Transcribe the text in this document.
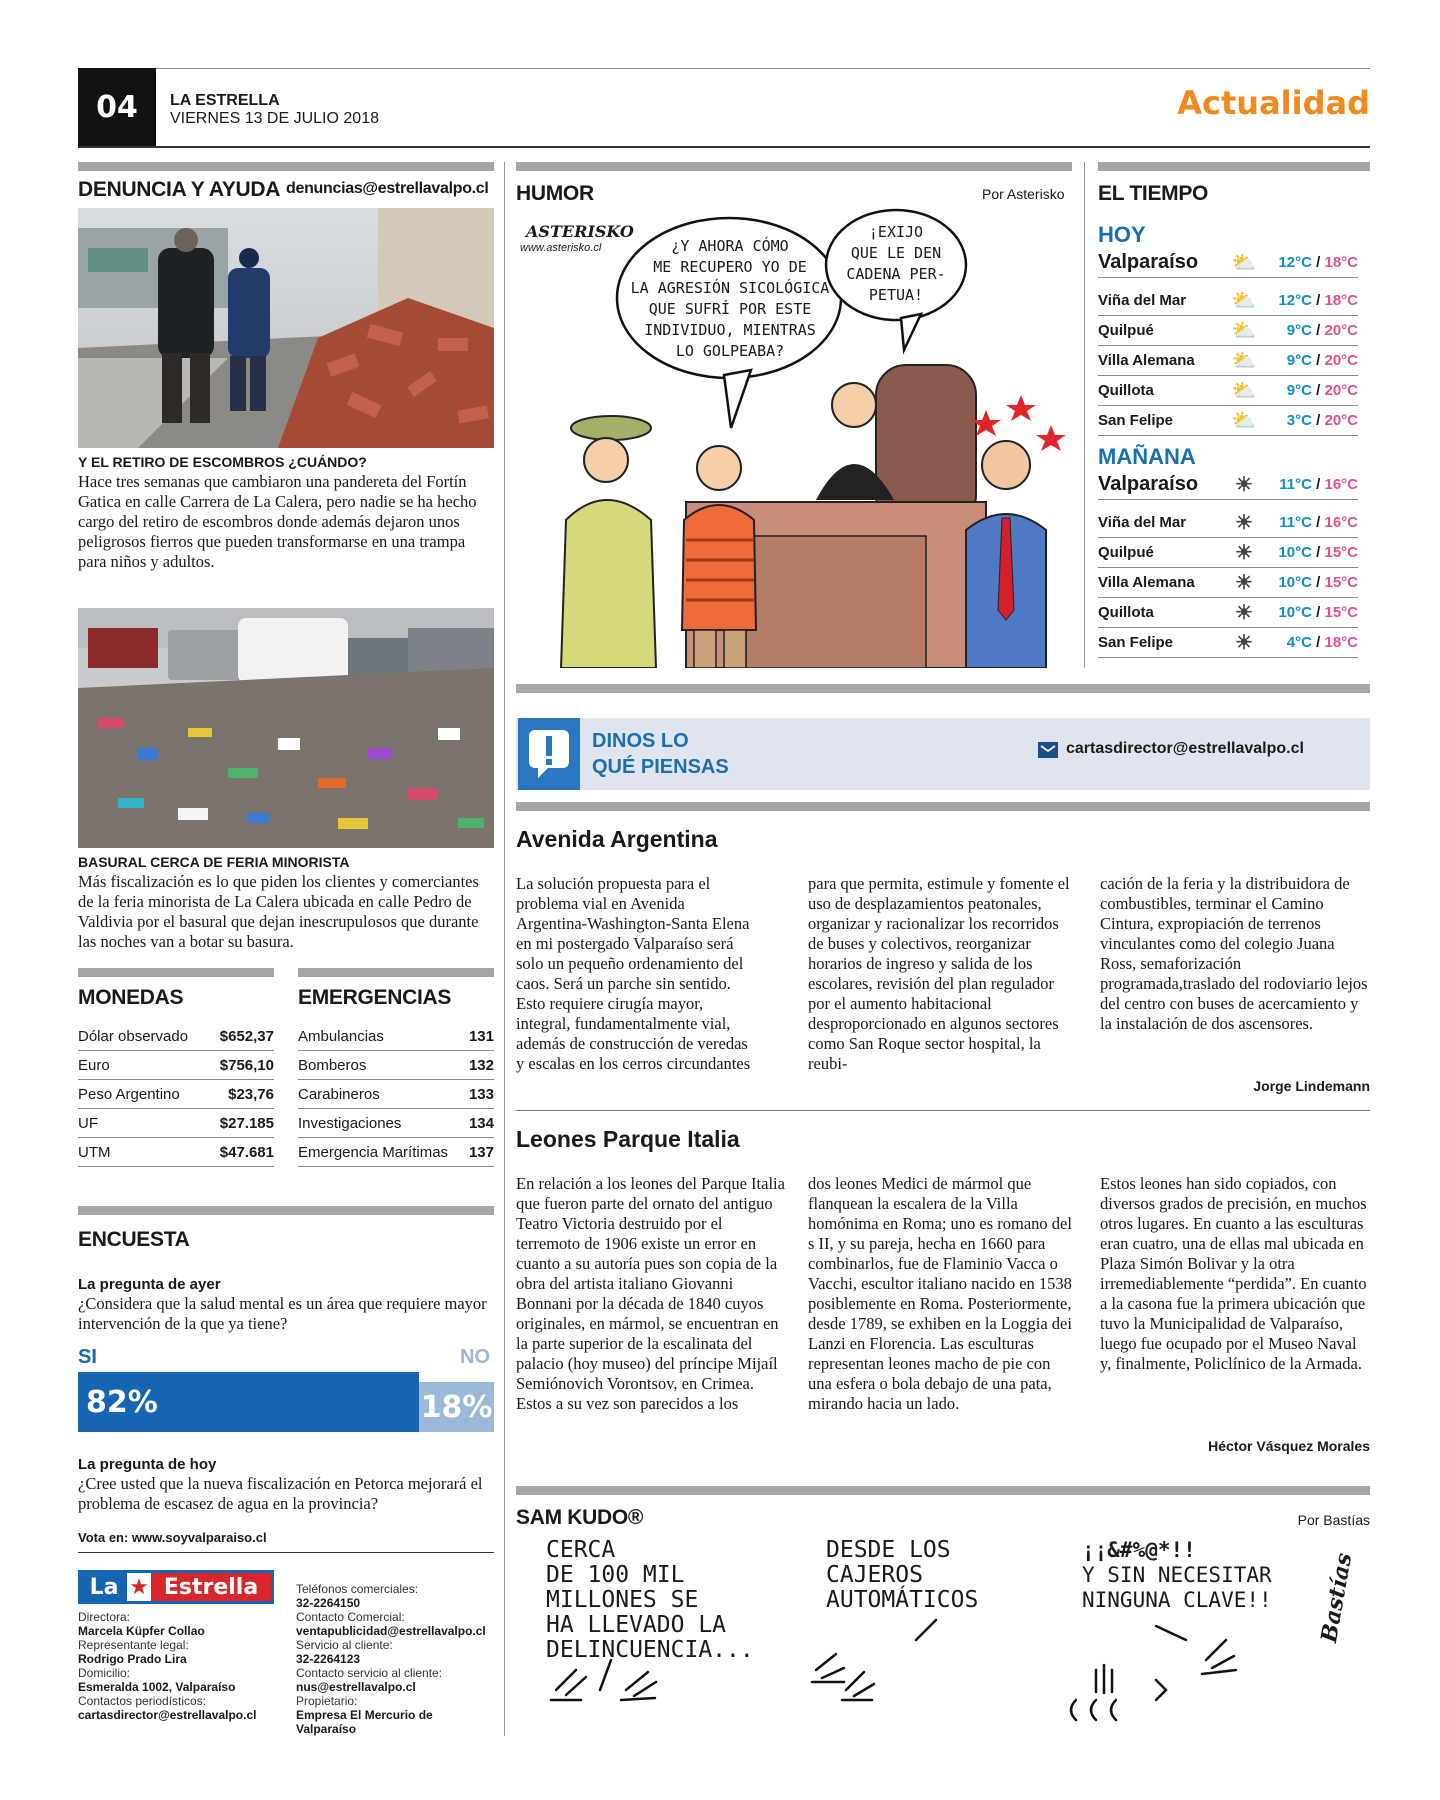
04	LA ESTRELLA
VIERNES 13 DE JULIO 2018	Actualidad
DENUNCIA Y AYUDA denuncias@estrellavalpo.cl
Y EL RETIRO DE ESCOMBROS ¿CUÁNDO?
Hace tres semanas que cambiaron una pandereta del Fortín Gatica en calle Carrera de La Calera, pero nadie se ha hecho cargo del retiro de escombros donde además dejaron unos peligrosos fierros que pueden transformarse en una trampa para niños y adultos.
BASURAL CERCA DE FERIA MINORISTA
Más fiscalización es lo que piden los clientes y comerciantes de la feria minorista de La Calera ubicada en calle Pedro de Valdivia por el basural que dejan inescrupulosos que durante las noches van a botar su basura.
MONEDAS	EMERGENCIAS
Dólar observado $652,37
Euro	$756,10
Peso Argentino	$23,76
UF	$27.185
UTM	$47.681
Ambulancias	131
Bomberos	132
Carabineros	133
Investigaciones	134
Emergencia Marítimas 137
ENCUESTA
La pregunta de ayer
¿Considera que la salud mental es un área que requiere mayor intervención de la que ya tiene?
SI	NO
82%	18%
La pregunta de hoy
¿Cree usted que la nueva fiscalización en Petorca mejorará el problema de escasez de agua en la provincia?
Vota en: www.soyvalparaiso.cl
La ★ Estrella
Directora:
Marcela Küpfer Collao
Representante legal:
Rodrigo Prado Lira
Domicilio:
Esmeralda 1002, Valparaíso
Contactos periodísticos:
cartasdirector@estrellavalpo.cl
Teléfonos comerciales:
32-2264150
Contacto Comercial:
ventapublicidad@estrellavalpo.cl
Servicio al cliente:
32-2264123
Contacto servicio al cliente:
nus@estrellavalpo.cl
Propietario:
Empresa El Mercurio de Valparaíso
HUMOR	Por Asterisko
ASTERISKO
www.asterisko.cl	¿Y AHORA CÓMO
ME RECUPERO YO DE
LA AGRESIÓN SICOLÓGICA
QUE SUFRÍ POR ESTE
INDIVIDUO, MIENTRAS
LO GOLPEABA?
¡EXIJO
QUE LE DEN
CADENA PER-
PETUA!
EL TIEMPO
HOY
Valparaíso	⛅	12°C / 18°C
Viña del Mar	⛅	12°C / 18°C
Quilpué	⛅	9°C / 20°C
Villa Alemana	⛅	9°C / 20°C
Quillota	⛅	9°C / 20°C
San Felipe	⛅	3°C / 20°C
MAÑANA
Valparaíso	☀	11°C / 16°C
Viña del Mar	☀	11°C / 16°C
Quilpué	☀	10°C / 15°C
Villa Alemana	☀	10°C / 15°C
Quillota	☀	10°C / 15°C
San Felipe	☀	4°C / 18°C
DINOS LO
QUÉ PIENSAS
cartasdirector@estrellavalpo.cl
Avenida Argentina
La solución propuesta para el problema vial en Avenida Argentina-Washington-Santa Elena en mi postergado Valparaíso será solo un pequeño ordenamiento del caos. Será un parche sin sentido. Esto requiere cirugía mayor, integral, fundamentalmente vial, además de construcción de veredas y escalas en los cerros circundantes
para que permita, estimule y fomente el uso de desplazamientos peatonales, organizar y racionalizar los recorridos de buses y colectivos, reorganizar horarios de ingreso y salida de los escolares, revisión del plan regulador por el aumento habitacional desproporcionado en algunos sectores como San Roque sector hospital, la reubi-
cación de la feria y la distribuidora de combustibles, terminar el Camino Cintura, expropiación de terrenos vinculantes como del colegio Juana Ross, semaforización programada,traslado del rodoviario lejos del centro con buses de acercamiento y la instalación de dos ascensores.
Jorge Lindemann
Leones Parque Italia
En relación a los leones del Parque Italia que fueron parte del ornato del antiguo Teatro Victoria destruido por el terremoto de 1906 existe un error en cuanto a su autoría pues son copia de la obra del artista italiano Giovanni Bonnani por la década de 1840 cuyos originales, en mármol, se encuentran en la parte superior de la escalinata del palacio (hoy museo) del príncipe Mijaíl Semiónovich Vorontsov, en Crimea. Estos a su vez son parecidos a los
dos leones Medici de mármol que flanquean la escalera de la Villa homónima en Roma; uno es romano del s II, y su pareja, hecha en 1660 para combinarlos, fue de Flaminio Vacca o Vacchi, escultor italiano nacido en 1538 posiblemente en Roma. Posteriormente, desde 1789, se exhiben en la Loggia dei Lanzi en Florencia. Las esculturas representan leones macho de pie con una esfera o bola debajo de una pata, mirando hacia un lado.
Estos leones han sido copiados, con diversos grados de precisión, en muchos otros lugares. En cuanto a las esculturas eran cuatro, una de ellas mal ubicada en Plaza Simón Bolivar y la otra irremediablemente “perdida”. En cuanto a la casona fue la primera ubicación que tuvo la Municipalidad de Valparaíso, luego fue ocupado por el Museo Naval y, finalmente, Policlínico de la Armada.
Héctor Vásquez Morales
SAM KUDO®	Por Bastías
CERCA
DE 100 MIL
MILLONES SE
HA LLEVADO LA
DELINCUENCIA...
DESDE LOS
CAJEROS
AUTOMÁTICOS
¡¡&#%@*!!
Y SIN NECESITAR
NINGUNA CLAVE!! Bastías
